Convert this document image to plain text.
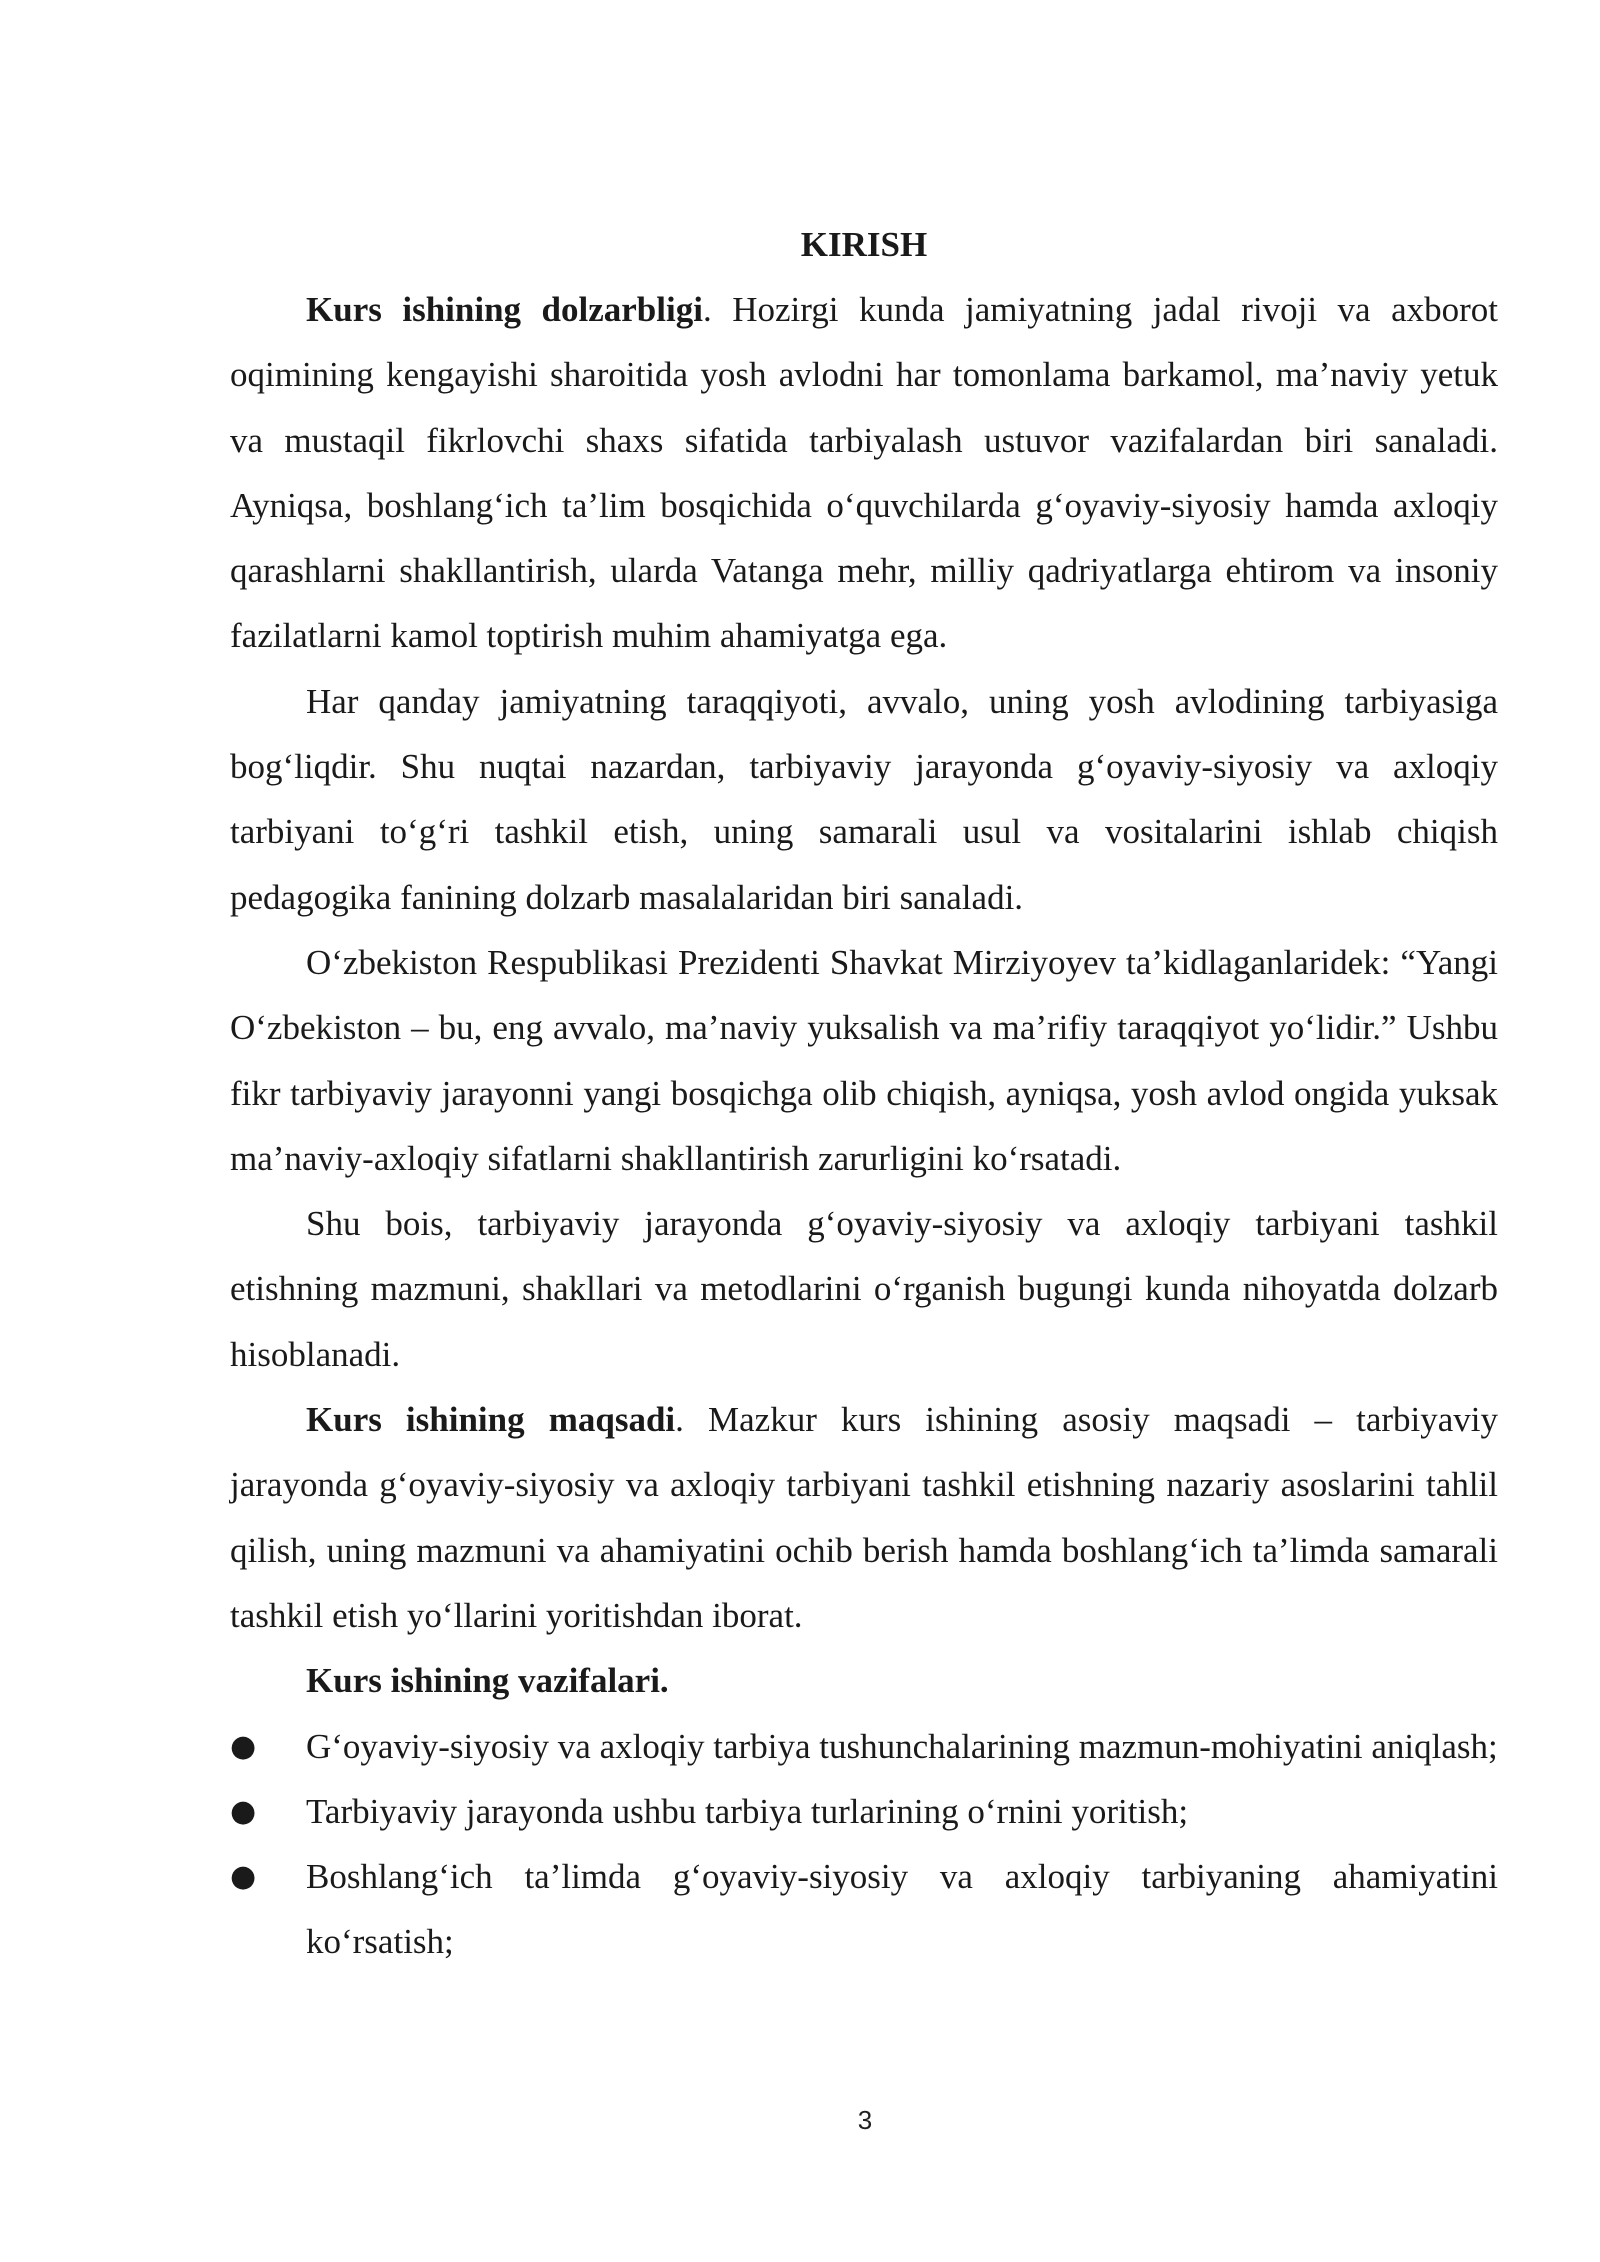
KIRISH

Kurs ishining dolzarbligi. Hozirgi kunda jamiyatning jadal rivoji va axborot oqimining kengayishi sharoitida yosh avlodni har tomonlama barkamol, ma’naviy yetuk va mustaqil fikrlovchi shaxs sifatida tarbiyalash ustuvor vazifalardan biri sanaladi. Ayniqsa, boshlang‘ich ta’lim bosqichida o‘quvchilarda g‘oyaviy-siyosiy hamda axloqiy qarashlarni shakllantirish, ularda Vatanga mehr, milliy qadriyatlarga ehtirom va insoniy fazilatlarni kamol toptirish muhim ahamiyatga ega.

Har qanday jamiyatning taraqqiyoti, avvalo, uning yosh avlodining tarbiyasiga bog‘liqdir. Shu nuqtai nazardan, tarbiyaviy jarayonda g‘oyaviy-siyosiy va axloqiy tarbiyani to‘g‘ri tashkil etish, uning samarali usul va vositalarini ishlab chiqish pedagogika fanining dolzarb masalalaridan biri sanaladi.

O‘zbekiston Respublikasi Prezidenti Shavkat Mirziyoyev ta’kidlaganlaridek: “Yangi O‘zbekiston – bu, eng avvalo, ma’naviy yuksalish va ma’rifiy taraqqiyot yo‘lidir.” Ushbu fikr tarbiyaviy jarayonni yangi bosqichga olib chiqish, ayniqsa, yosh avlod ongida yuksak ma’naviy-axloqiy sifatlarni shakllantirish zarurligini ko‘rsatadi.

Shu bois, tarbiyaviy jarayonda g‘oyaviy-siyosiy va axloqiy tarbiyani tashkil etishning mazmuni, shakllari va metodlarini o‘rganish bugungi kunda nihoyatda dolzarb hisoblanadi.

Kurs ishining maqsadi. Mazkur kurs ishining asosiy maqsadi – tarbiyaviy jarayonda g‘oyaviy-siyosiy va axloqiy tarbiyani tashkil etishning nazariy asoslarini tahlil qilish, uning mazmuni va ahamiyatini ochib berish hamda boshlang‘ich ta’limda samarali tashkil etish yo‘llarini yoritishdan iborat.

Kurs ishining vazifalari.

● G‘oyaviy-siyosiy va axloqiy tarbiya tushunchalarining mazmun-mohiyatini aniqlash;
● Tarbiyaviy jarayonda ushbu tarbiya turlarining o‘rnini yoritish;
● Boshlang‘ich ta’limda g‘oyaviy-siyosiy va axloqiy tarbiyaning ahamiyatini ko‘rsatish;
3
